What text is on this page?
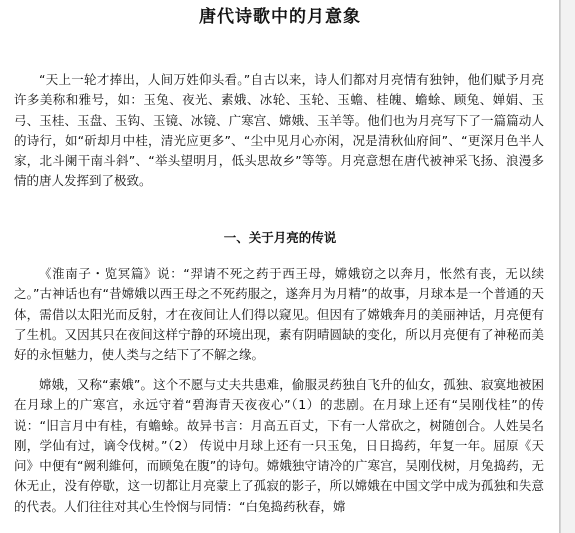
唐代诗歌中的月意象

“天上一轮才捧出，人间万姓仰头看。”自古以来，诗人们都对月亮情有独钟，他们赋予月亮许多美称和雅号，如：玉兔、夜光、素娥、冰轮、玉轮、玉蟾、桂魄、蟾蜍、顾兔、婵娟、玉弓、玉桂、玉盘、玉钩、玉镜、冰镜、广寒宫、嫦娥、玉羊等。他们也为月亮写下了一篇篇动人的诗行，如“斫却月中桂，清光应更多”、“尘中见月心亦闲，况是清秋仙府间”、“更深月色半人家，北斗阑干南斗斜”、“举头望明月，低头思故乡”等等。月亮意想在唐代被神采飞扬、浪漫多情的唐人发挥到了极致。

一、关于月亮的传说

《淮南子・览冥篇》说：“羿请不死之药于西王母，嫦娥窃之以奔月，怅然有丧，无以续之。”古神话也有“昔嫦娥以西王母之不死药服之，遂奔月为月精”的故事，月球本是一个普通的天体，需借以太阳光而反射，才在夜间让人们得以窥见。但因有了嫦娥奔月的美丽神话，月亮便有了生机。又因其只在夜间这样宁静的环境出现，素有阴晴圆缺的变化，所以月亮便有了神秘而美好的永恒魅力，使人类与之结下了不解之缘。

嫦娥，又称“素娥”。这个不愿与丈夫共患难，偷服灵药独自飞升的仙女，孤独、寂寞地被困在月球上的广寒宫，永远守着“碧海青天夜夜心”（1）的悲剧。在月球上还有“吴刚伐桂”的传说：“旧言月中有桂，有蟾蜍。故异书言：月高五百丈，下有一人常砍之，树随创合。人姓吴名刚，学仙有过，谪令伐树。”（2） 传说中月球上还有一只玉兔，日日捣药，年复一年。屈原《天问》中便有“阙利維何，而顾兔在腹”的诗句。嫦娥独守请冷的广寒宫，吴刚伐树，月兔捣药，无休无止，没有停歇，这一切都让月亮蒙上了孤寂的影子，所以嫦娥在中国文学中成为孤独和失意的代表。人们往往对其心生怜悯与同情：“白兔捣药秋春，嫦
